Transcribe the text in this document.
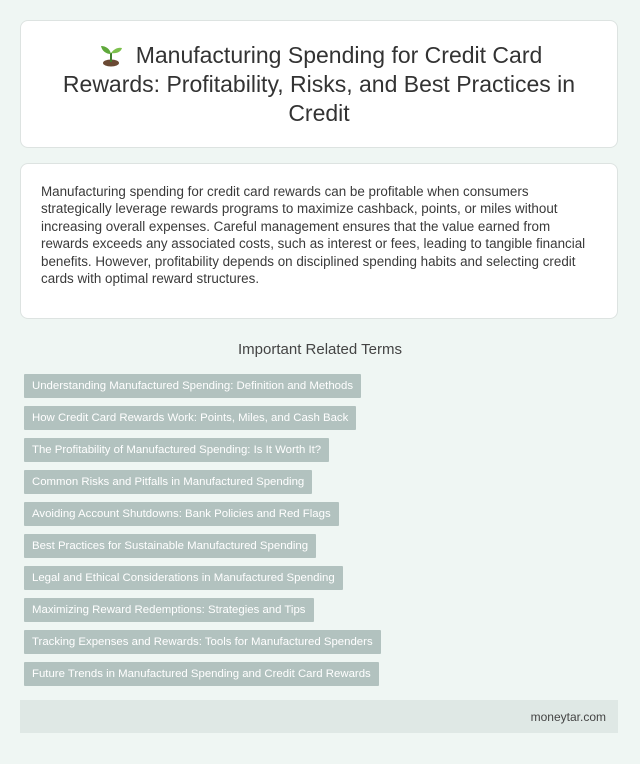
Manufacturing Spending for Credit Card Rewards: Profitability, Risks, and Best Practices in Credit

Manufacturing spending for credit card rewards can be profitable when consumers strategically leverage rewards programs to maximize cashback, points, or miles without increasing overall expenses. Careful management ensures that the value earned from rewards exceeds any associated costs, such as interest or fees, leading to tangible financial benefits. However, profitability depends on disciplined spending habits and selecting credit cards with optimal reward structures.

Important Related Terms
Understanding Manufactured Spending: Definition and Methods
How Credit Card Rewards Work: Points, Miles, and Cash Back
The Profitability of Manufactured Spending: Is It Worth It?
Common Risks and Pitfalls in Manufactured Spending
Avoiding Account Shutdowns: Bank Policies and Red Flags
Best Practices for Sustainable Manufactured Spending
Legal and Ethical Considerations in Manufactured Spending
Maximizing Reward Redemptions: Strategies and Tips
Tracking Expenses and Rewards: Tools for Manufactured Spenders
Future Trends in Manufactured Spending and Credit Card Rewards
moneytar.com
